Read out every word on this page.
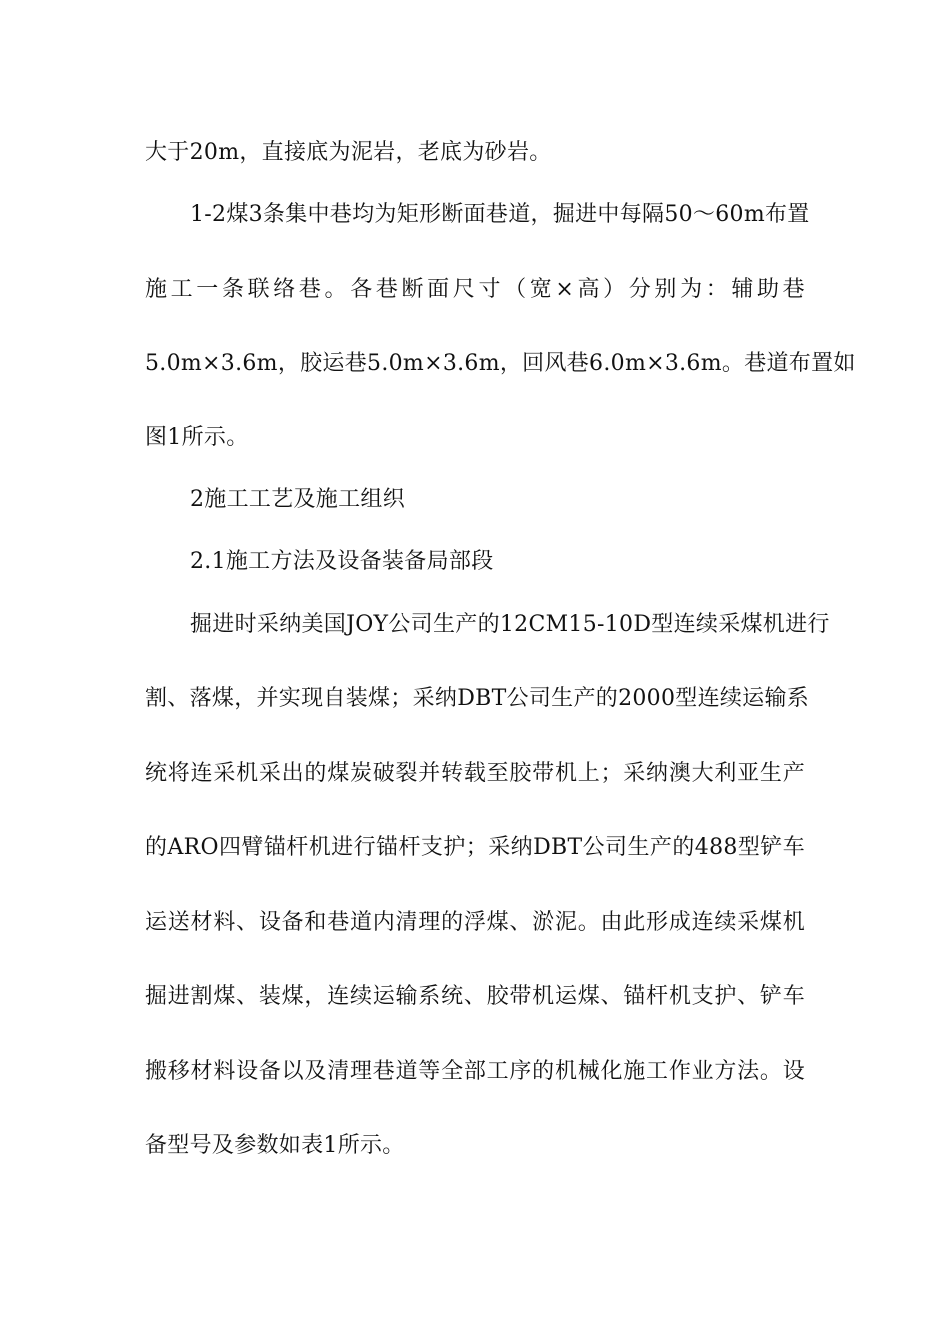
大于20m，直接底为泥岩，老底为砂岩。
1-2煤3条集中巷均为矩形断面巷道，掘进中每隔50～60m布置
施工一条联络巷。各巷断面尺寸（宽×高）分别为：辅助巷
5.0m×3.6m，胶运巷5.0m×3.6m，回风巷6.0m×3.6m。巷道布置如
图1所示。
2施工工艺及施工组织
2.1施工方法及设备装备局部段
掘进时采纳美国JOY公司生产的12CM15-10D型连续采煤机进行
割、落煤，并实现自装煤；采纳DBT公司生产的2000型连续运输系
统将连采机采出的煤炭破裂并转载至胶带机上；采纳澳大利亚生产
的ARO四臂锚杆机进行锚杆支护；采纳DBT公司生产的488型铲车
运送材料、设备和巷道内清理的浮煤、淤泥。由此形成连续采煤机
掘进割煤、装煤，连续运输系统、胶带机运煤、锚杆机支护、铲车
搬移材料设备以及清理巷道等全部工序的机械化施工作业方法。设
备型号及参数如表1所示。
